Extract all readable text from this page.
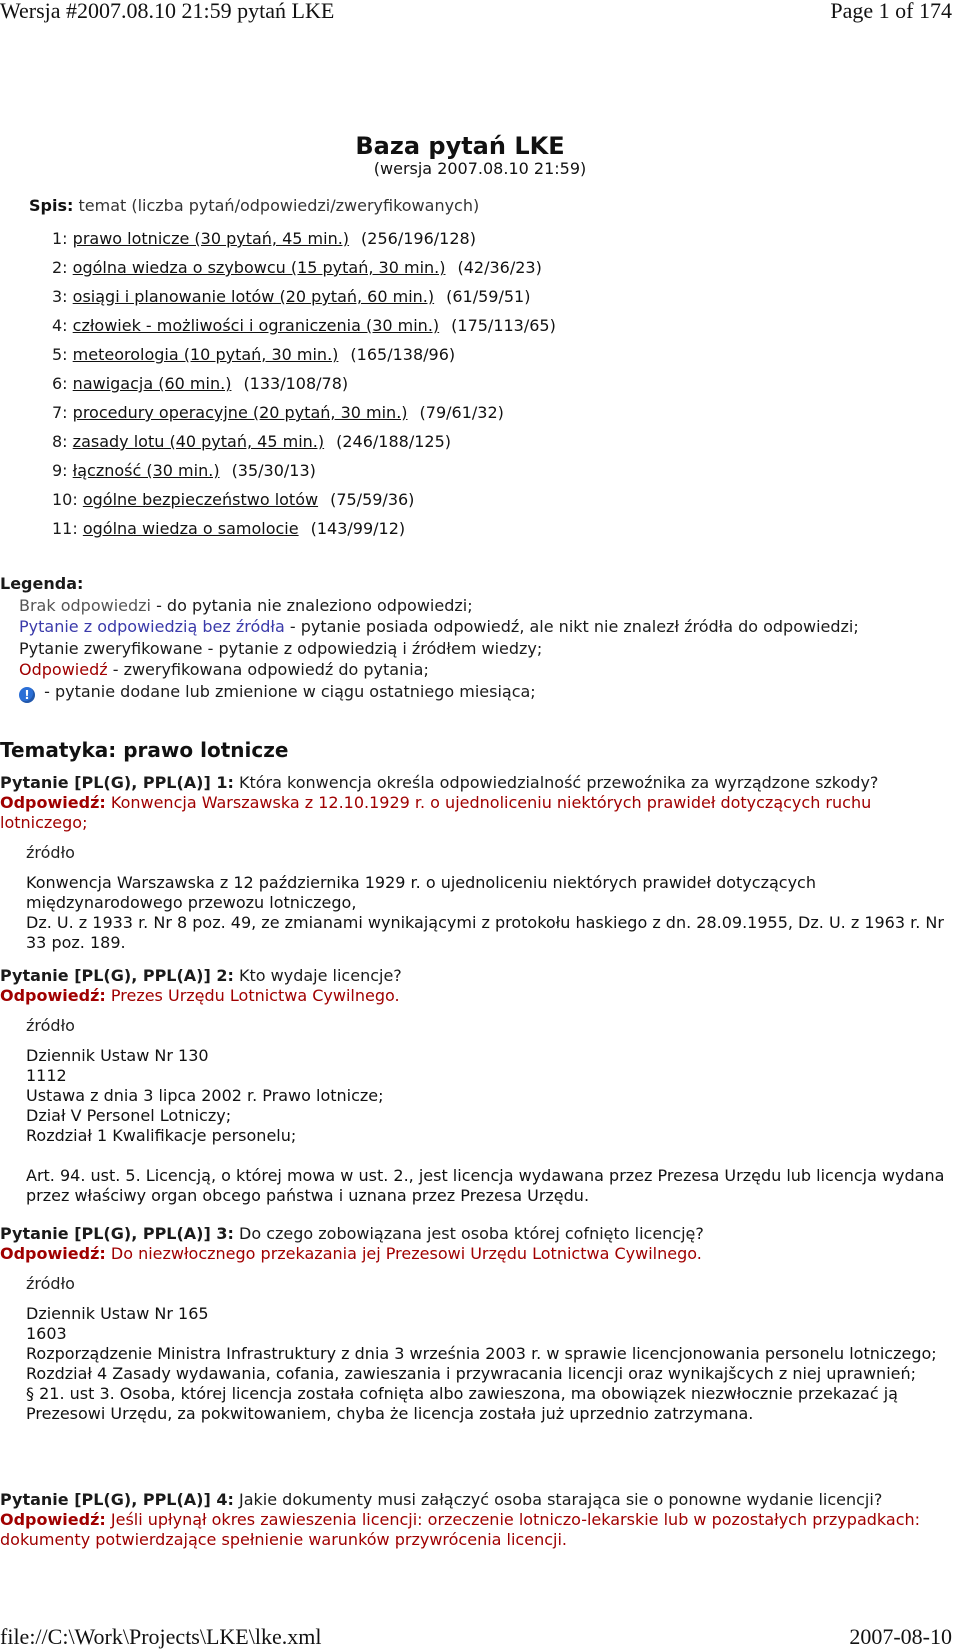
Wersja #2007.08.10 21:59 pytań LKE	Page 1 of 174
Baza pytań LKE
(wersja 2007.08.10 21:59)
Spis: temat (liczba pytań/odpowiedzi/zweryfikowanych)
1: prawo lotnicze (30 pytań, 45 min.) (256/196/128)
2: ogólna wiedza o szybowcu (15 pytań, 30 min.) (42/36/23)
3: osiągi i planowanie lotów (20 pytań, 60 min.) (61/59/51)
4: człowiek - możliwości i ograniczenia (30 min.) (175/113/65)
5: meteorologia (10 pytań, 30 min.) (165/138/96)
6: nawigacja (60 min.) (133/108/78)
7: procedury operacyjne (20 pytań, 30 min.) (79/61/32)
8: zasady lotu (40 pytań, 45 min.) (246/188/125)
9: łączność (30 min.) (35/30/13)
10: ogólne bezpieczeństwo lotów (75/59/36)
11: ogólna wiedza o samolocie (143/99/12)
Legenda:
Brak odpowiedzi - do pytania nie znaleziono odpowiedzi;
Pytanie z odpowiedzią bez źródła - pytanie posiada odpowiedź, ale nikt nie znalezł źródła do odpowiedzi;
Pytanie zweryfikowane - pytanie z odpowiedzią i źródłem wiedzy;
Odpowiedź - zweryfikowana odpowiedź do pytania;
! - pytanie dodane lub zmienione w ciągu ostatniego miesiąca;
Tematyka: prawo lotnicze
Pytanie [PL(G), PPL(A)] 1: Która konwencja określa odpowiedzialność przewoźnika za wyrządzone szkody?
Odpowiedź: Konwencja Warszawska z 12.10.1929 r. o ujednoliceniu niektórych prawideł dotyczących ruchu lotniczego;
źródło
Konwencja Warszawska z 12 października 1929 r. o ujednoliceniu niektórych prawideł dotyczących międzynarodowego przewozu lotniczego,
Dz. U. z 1933 r. Nr 8 poz. 49, ze zmianami wynikającymi z protokołu haskiego z dn. 28.09.1955, Dz. U. z 1963 r. Nr 33 poz. 189.
Pytanie [PL(G), PPL(A)] 2: Kto wydaje licencje?
Odpowiedź: Prezes Urzędu Lotnictwa Cywilnego.
źródło
Dziennik Ustaw Nr 130
1112
Ustawa z dnia 3 lipca 2002 r. Prawo lotnicze;
Dział V Personel Lotniczy;
Rozdział 1 Kwalifikacje personelu;
Art. 94. ust. 5. Licencją, o której mowa w ust. 2., jest licencja wydawana przez Prezesa Urzędu lub licencja wydana przez właściwy organ obcego państwa i uznana przez Prezesa Urzędu.
Pytanie [PL(G), PPL(A)] 3: Do czego zobowiązana jest osoba której cofnięto licencję?
Odpowiedź: Do niezwłocznego przekazania jej Prezesowi Urzędu Lotnictwa Cywilnego.
źródło
Dziennik Ustaw Nr 165
1603
Rozporządzenie Ministra Infrastruktury z dnia 3 września 2003 r. w sprawie licencjonowania personelu lotniczego;
Rozdział 4 Zasady wydawania, cofania, zawieszania i przywracania licencji oraz wynikajšcych z niej uprawnień;
§ 21. ust 3. Osoba, której licencja została cofnięta albo zawieszona, ma obowiązek niezwłocznie przekazać ją Prezesowi Urzędu, za pokwitowaniem, chyba że licencja została już uprzednio zatrzymana.
Pytanie [PL(G), PPL(A)] 4: Jakie dokumenty musi załączyć osoba starająca sie o ponowne wydanie licencji?
Odpowiedź: Jeśli upłynął okres zawieszenia licencji: orzeczenie lotniczo-lekarskie lub w pozostałych przypadkach: dokumenty potwierdzające spełnienie warunków przywrócenia licencji.
file://C:\Work\Projects\LKE\lke.xml	2007-08-10
